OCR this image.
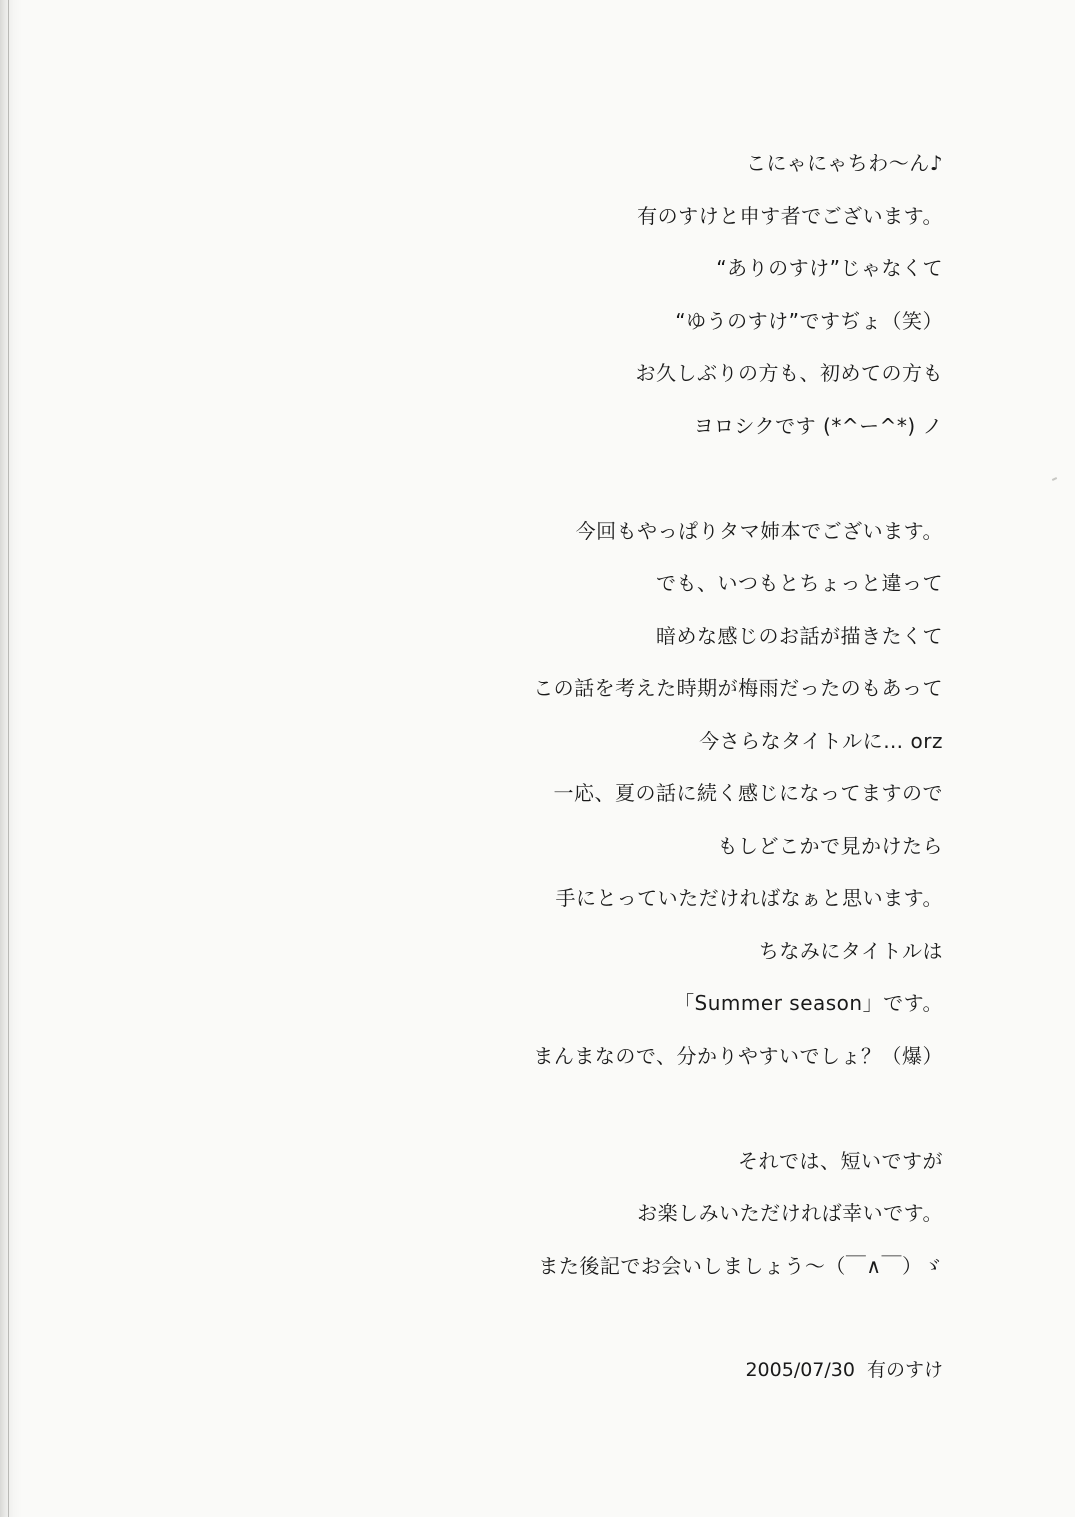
こにゃにゃちわ〜ん♪
有のすけと申す者でございます。
“ありのすけ”じゃなくて
“ゆうのすけ”ですぢょ（笑）
お久しぶりの方も、初めての方も
ヨロシクです (*^ー^*) ノ
今回もやっぱりタマ姉本でございます。
でも、いつもとちょっと違って
暗めな感じのお話が描きたくて
この話を考えた時期が梅雨だったのもあって
今さらなタイトルに… orz
一応、夏の話に続く感じになってますので
もしどこかで見かけたら
手にとっていただければなぁと思います。
ちなみにタイトルは
「Summer season」です。
まんまなので、分かりやすいでしょ？（爆）
それでは、短いですが
お楽しみいただければ幸いです。
また後記でお会いしましょう〜（￣∧￣）ゞ
2005/07/30 有のすけ
